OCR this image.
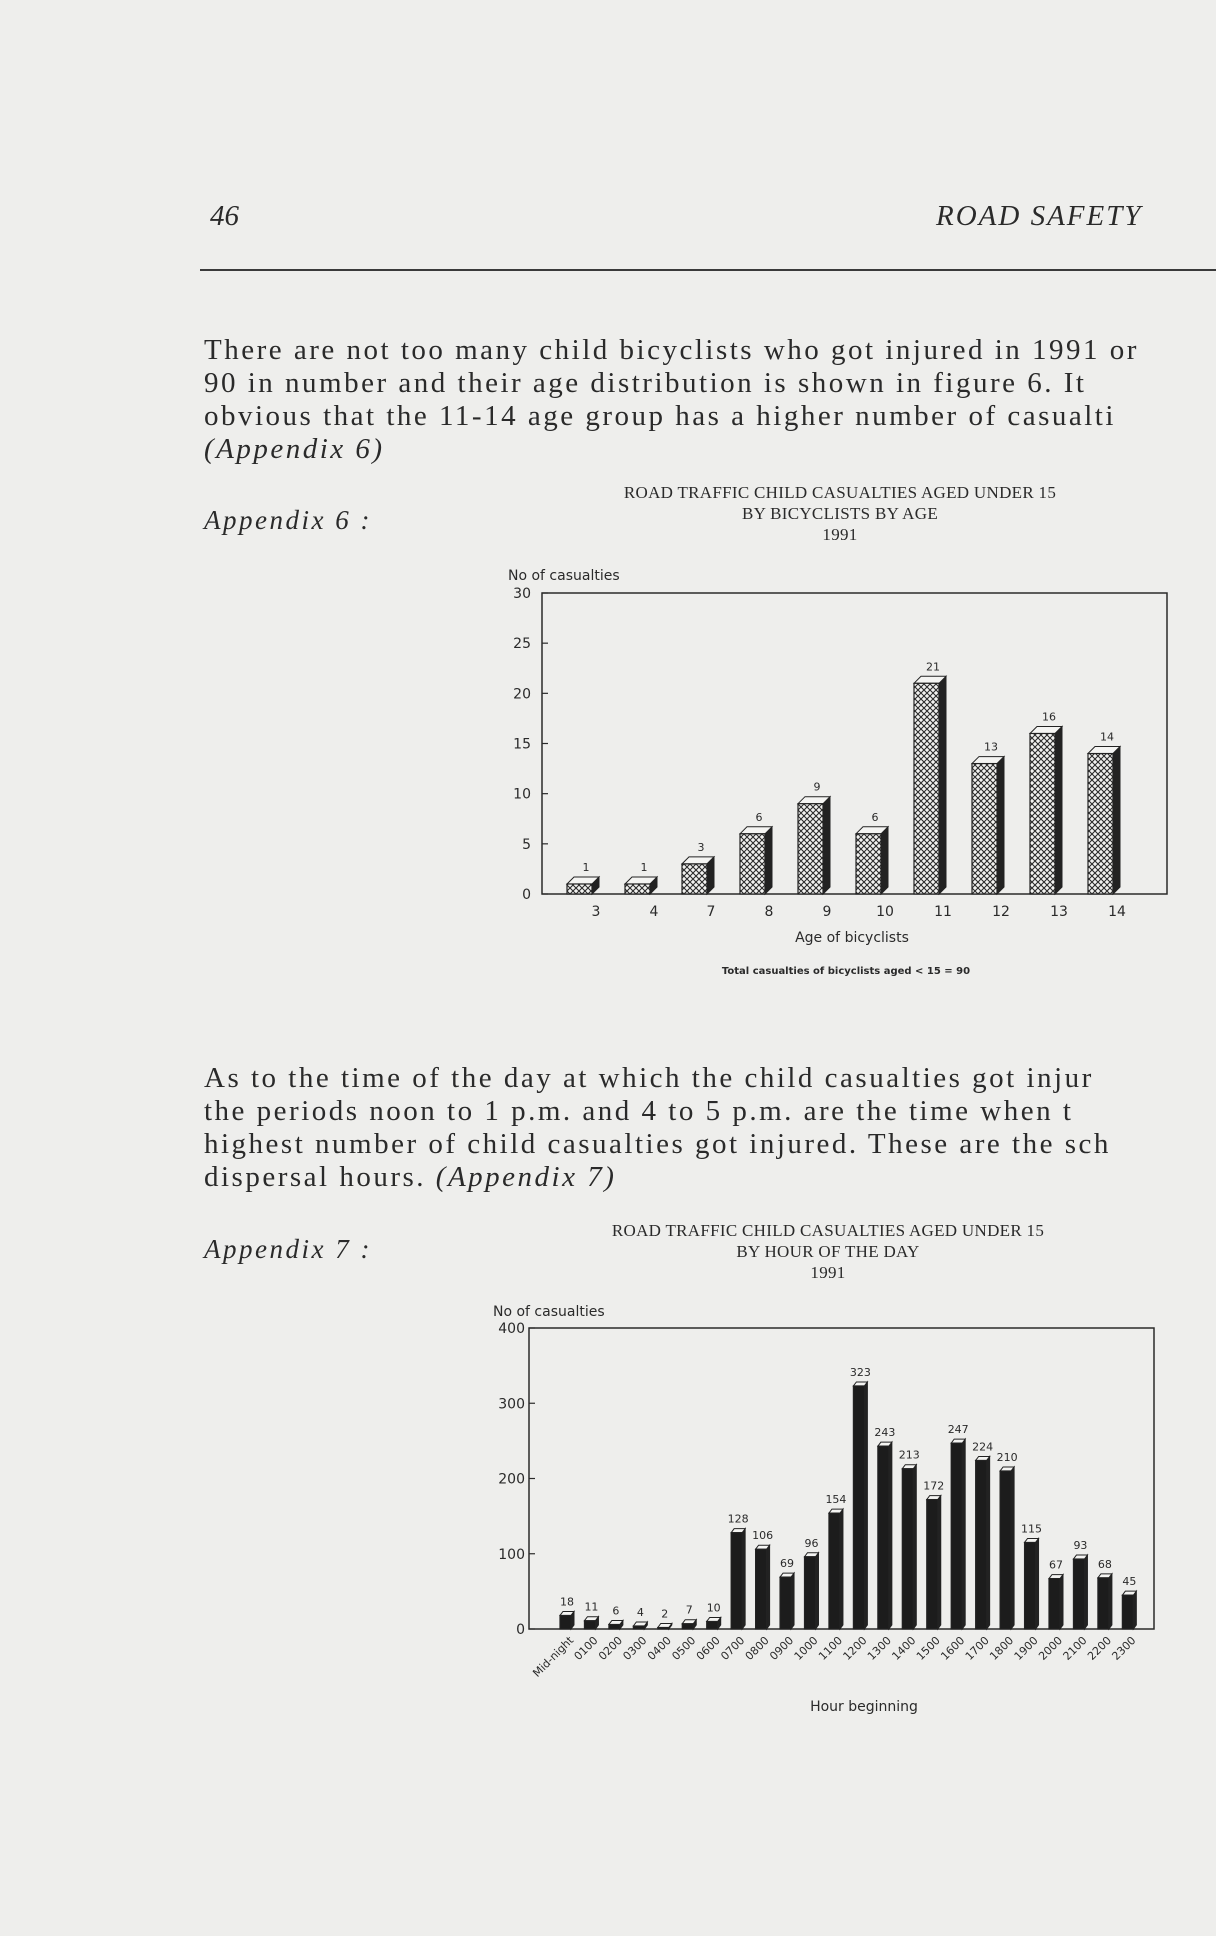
46	ROAD SAFETY
There are not too many child bicyclists who got injured in 1991 or
90 in number and their age distribution is shown in figure 6. It
obvious that the 11-14 age group has a higher number of casualti
(Appendix 6)
Appendix 6 :
ROAD TRAFFIC CHILD CASUALTIES AGED UNDER 15
BY BICYCLISTS BY AGE
1991
No of casualties
0
5
10
15
20
25
30
1
3
1
4
3
7
6
8
9
9
6
10
21
11
13
12
16
13
14
14
Age of bicyclists
Total casualties of bicyclists aged < 15 = 90
No of casualties
0
100
200
300
400
18
Mid-night
11
0100
6
0200
4
0300
2
0400
7
0500
10
0600
128
0700
106
0800
69
0900
96
1000
154
1100
323
1200
243
1300
213
1400
172
1500
247
1600
224
1700
210
1800
115
1900
67
2000
93
2100
68
2200
45
2300
Hour beginning
As to the time of the day at which the child casualties got injur
the periods noon to 1 p.m. and 4 to 5 p.m. are the time when t
highest number of child casualties got injured. These are the sch
dispersal hours. (Appendix 7)
Appendix 7 :
ROAD TRAFFIC CHILD CASUALTIES AGED UNDER 15
BY HOUR OF THE DAY
1991
